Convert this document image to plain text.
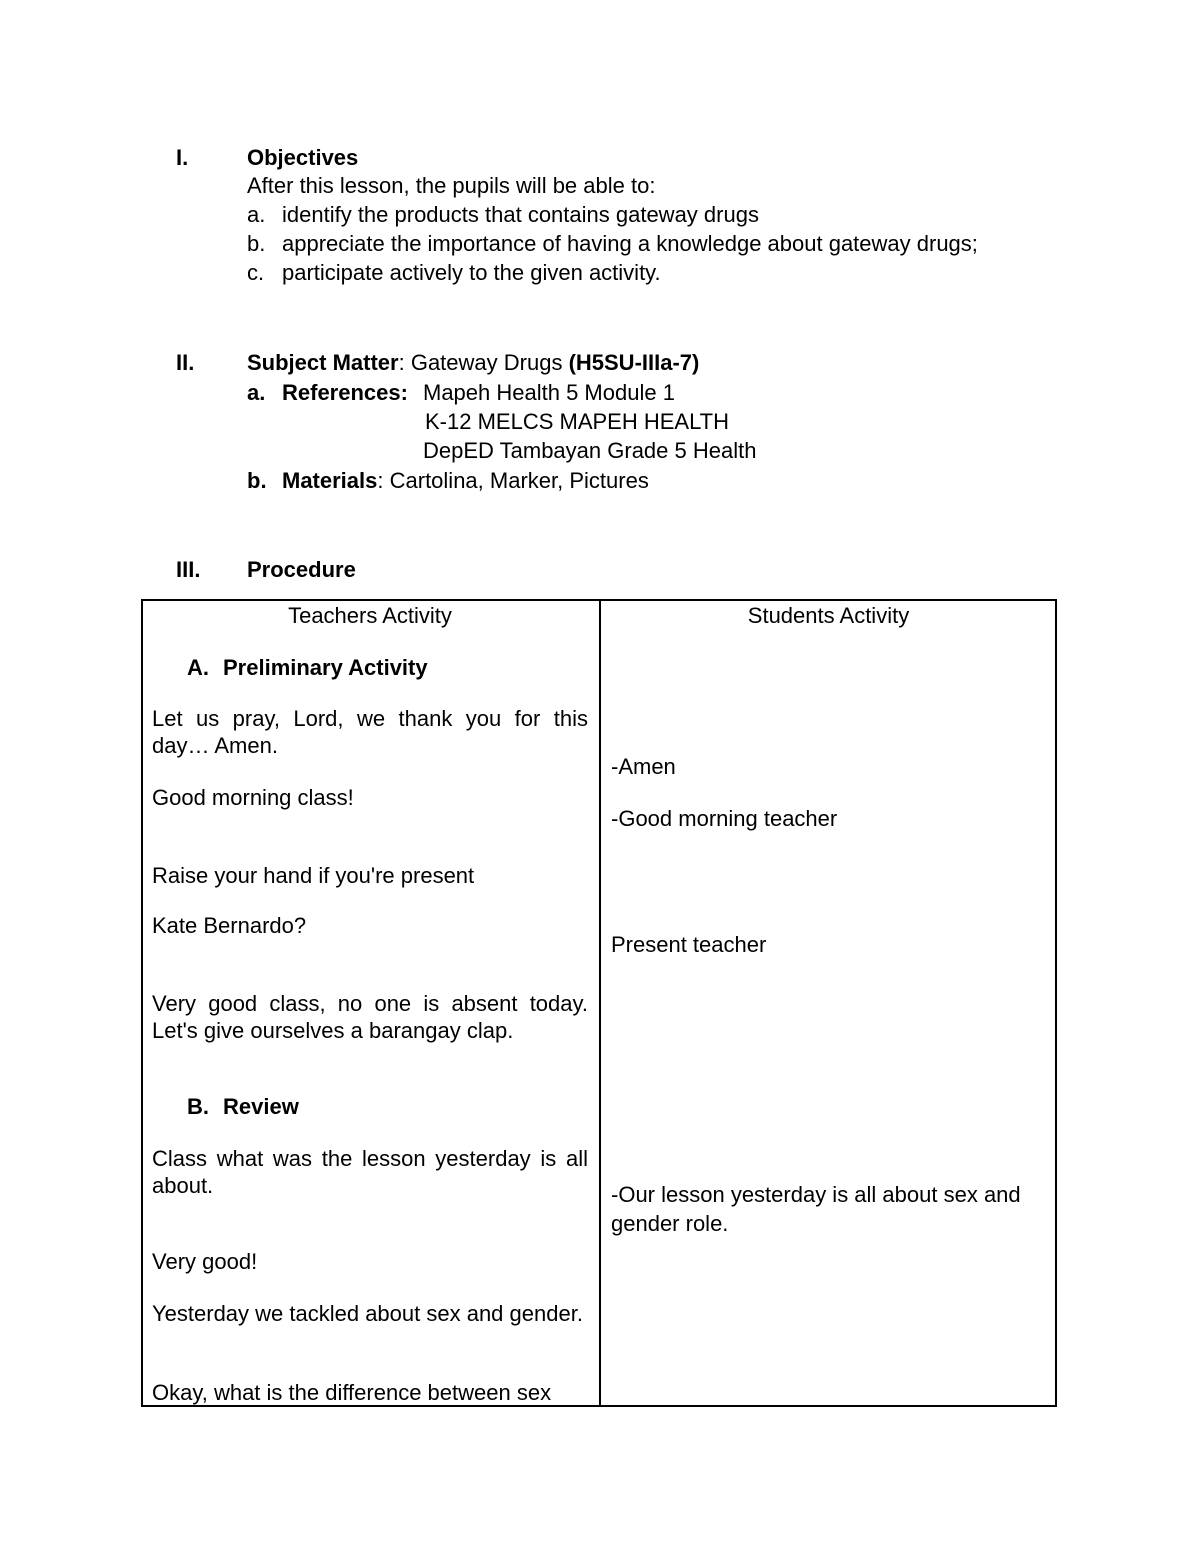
I.	Objectives
After this lesson, the pupils will be able to:
a. identify the products that contains gateway drugs
b. appreciate the importance of having a knowledge about gateway drugs;
c. participate actively to the given activity.
II. Subject Matter: Gateway Drugs (H5SU-IIIa-7)
a. References: Mapeh Health 5 Module 1
K-12 MELCS MAPEH HEALTH
DepED Tambayan Grade 5 Health
b. Materials: Cartolina, Marker, Pictures
III. Procedure
Teachers Activity	Students Activity
A. Preliminary Activity
Let us pray, Lord, we thank you for this day… Amen.
Good morning class!
Raise your hand if you're present
Kate Bernardo?
Very good class, no one is absent today. Let's give ourselves a barangay clap.
B. Review
Class what was the lesson yesterday is all about.
Very good!
Yesterday we tackled about sex and gender.
Okay, what is the difference between sex
-Amen
-Good morning teacher
Present teacher
-Our lesson yesterday is all about sex and gender role.
